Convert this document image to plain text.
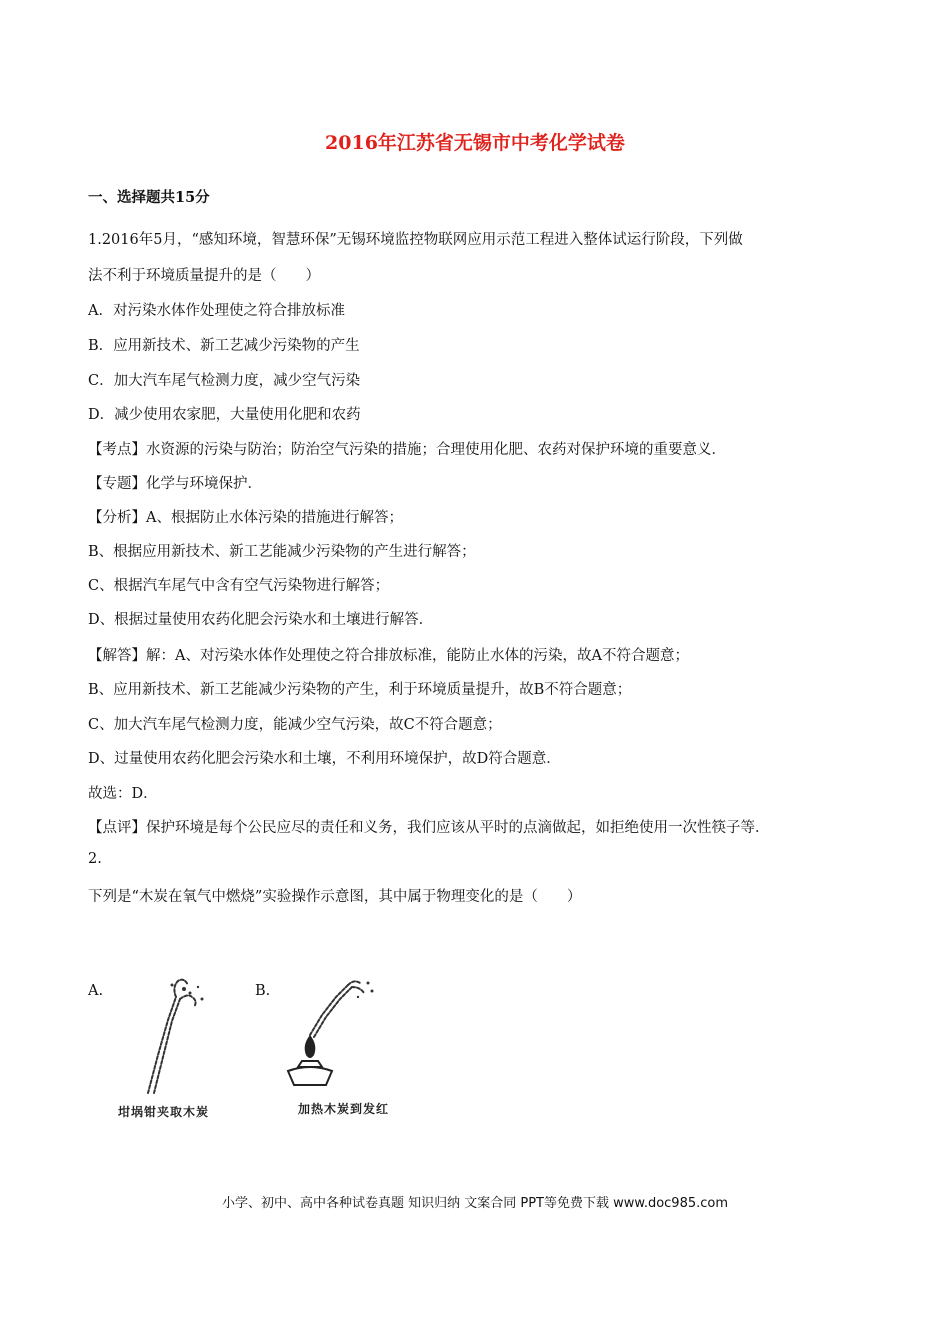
2016年江苏省无锡市中考化学试卷
一、选择题共15分
1.2016年5月，“感知环境，智慧环保”无锡环境监控物联网应用示范工程进入整体试运行阶段，下列做
法不利于环境质量提升的是（　　）
A．对污染水体作处理使之符合排放标准
B．应用新技术、新工艺减少污染物的产生
C．加大汽车尾气检测力度，减少空气污染
D．减少使用农家肥，大量使用化肥和农药
【考点】水资源的污染与防治；防治空气污染的措施；合理使用化肥、农药对保护环境的重要意义．
【专题】化学与环境保护．
【分析】A、根据防止水体污染的措施进行解答；
B、根据应用新技术、新工艺能减少污染物的产生进行解答；
C、根据汽车尾气中含有空气污染物进行解答；
D、根据过量使用农药化肥会污染水和土壤进行解答．
【解答】解：A、对污染水体作处理使之符合排放标准，能防止水体的污染，故A不符合题意；
B、应用新技术、新工艺能减少污染物的产生，利于环境质量提升，故B不符合题意；
C、加大汽车尾气检测力度，能减少空气污染，故C不符合题意；
D、过量使用农药化肥会污染水和土壤，不利用环境保护，故D符合题意．
故选：D．
【点评】保护环境是每个公民应尽的责任和义务，我们应该从平时的点滴做起，如拒绝使用一次性筷子等．
2.
下列是“木炭在氧气中燃烧”实验操作示意图，其中属于物理变化的是（　　）
A.
坩埚钳夹取木炭
B.
加热木炭到发红
小学、初中、高中各种试卷真题 知识归纳 文案合同 PPT等免费下载 www.doc985.com
